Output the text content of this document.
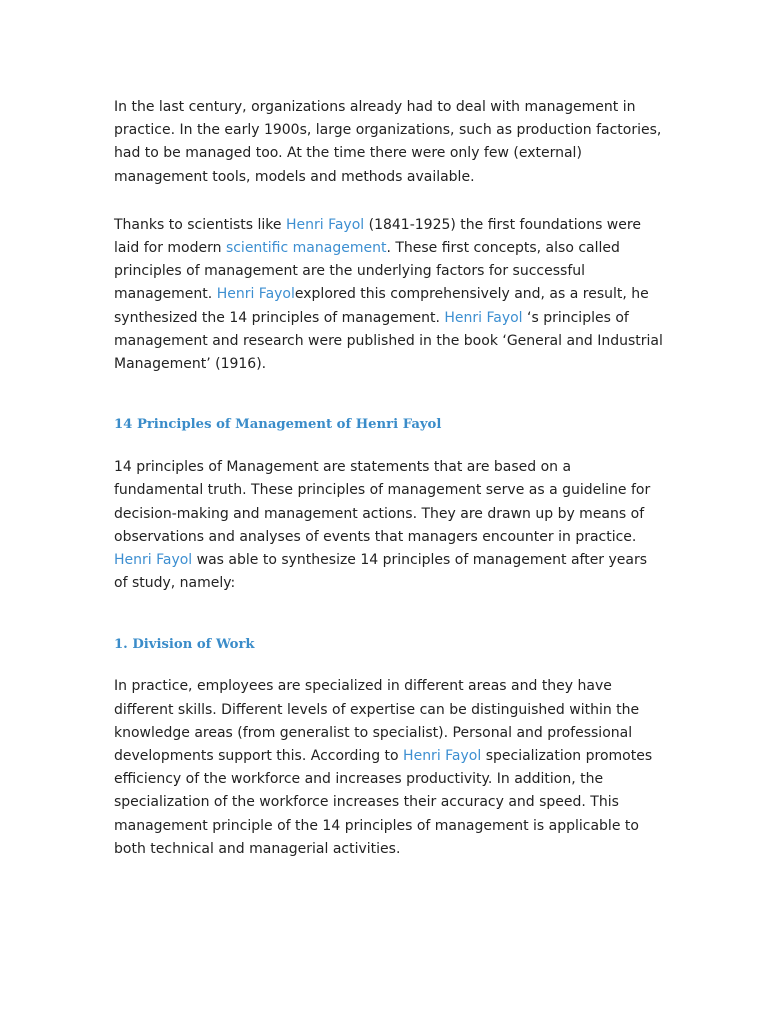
In the last century, organizations already had to deal with management in practice. In the early 1900s, large organizations, such as production factories, had to be managed too. At the time there were only few (external) management tools, models and methods available.

Thanks to scientists like Henri Fayol (1841-1925) the first foundations were laid for modern scientific management. These first concepts, also called principles of management are the underlying factors for successful management. Henri Fayolexplored this comprehensively and, as a result, he synthesized the 14 principles of management. Henri Fayol ‘s principles of management and research were published in the book ‘General and Industrial Management’ (1916).

14 Principles of Management of Henri Fayol

14 principles of Management are statements that are based on a fundamental truth. These principles of management serve as a guideline for decision-making and management actions. They are drawn up by means of observations and analyses of events that managers encounter in practice. Henri Fayol was able to synthesize 14 principles of management after years of study, namely:

1. Division of Work

In practice, employees are specialized in different areas and they have different skills. Different levels of expertise can be distinguished within the knowledge areas (from generalist to specialist). Personal and professional developments support this. According to Henri Fayol specialization promotes efficiency of the workforce and increases productivity. In addition, the specialization of the workforce increases their accuracy and speed. This management principle of the 14 principles of management is applicable to both technical and managerial activities.
